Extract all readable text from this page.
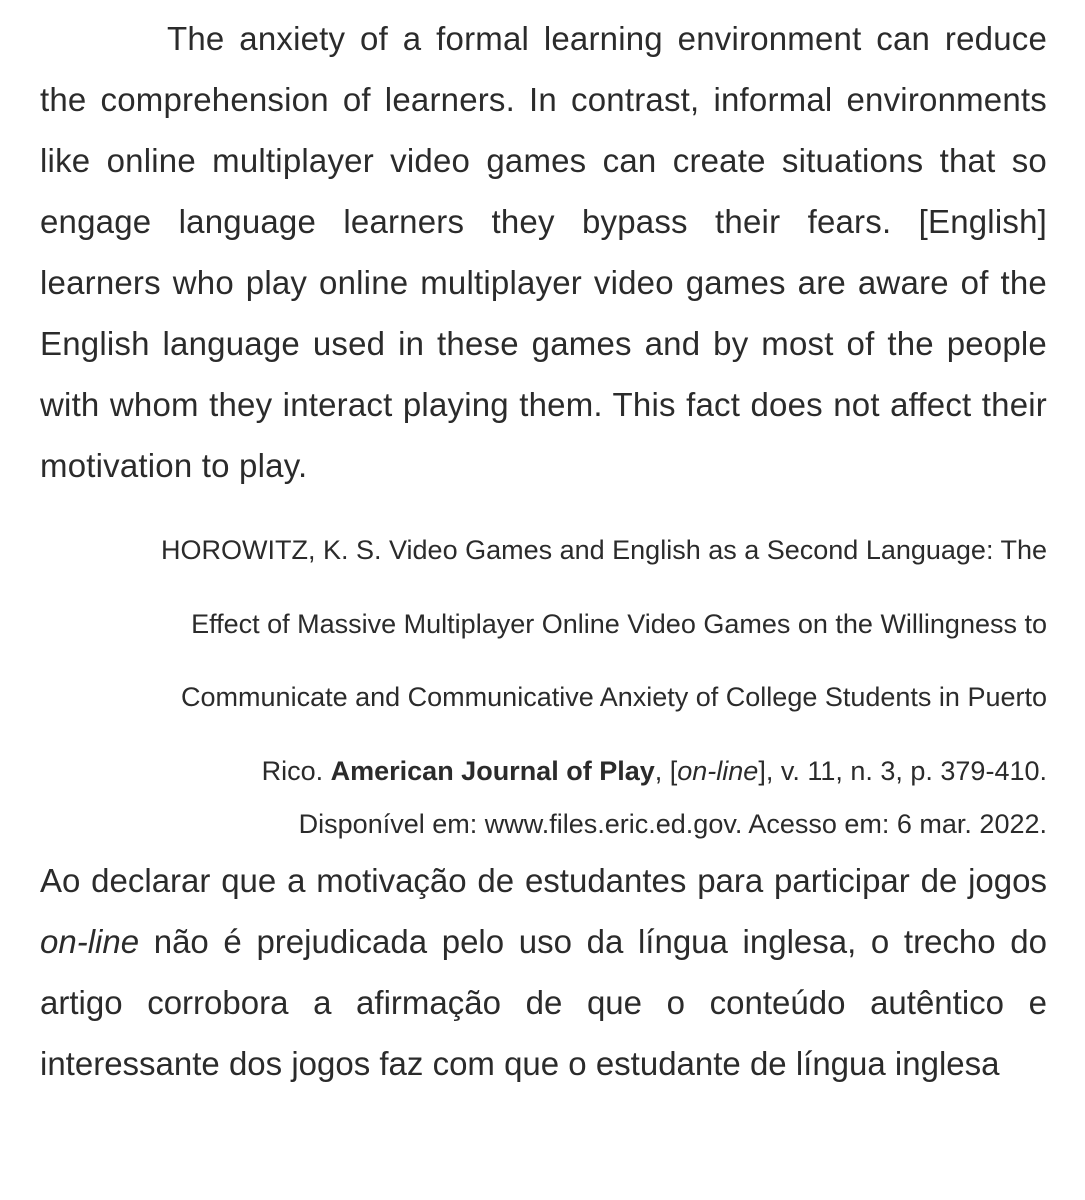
The anxiety of a formal learning environment can reduce the comprehension of learners. In contrast, informal environments like online multiplayer video games can create situations that so engage language learners they bypass their fears. [English] learners who play online multiplayer video games are aware of the English language used in these games and by most of the people with whom they interact playing them. This fact does not affect their motivation to play.

HOROWITZ, K. S. Video Games and English as a Second Language: The
Effect of Massive Multiplayer Online Video Games on the Willingness to
Communicate and Communicative Anxiety of College Students in Puerto
Rico. American Journal of Play, [on-line], v. 11, n. 3, p. 379-410.
Disponível em: www.files.eric.ed.gov. Acesso em: 6 mar. 2022.

Ao declarar que a motivação de estudantes para participar de jogos on-line não é prejudicada pelo uso da língua inglesa, o trecho do artigo corrobora a afirmação de que o conteúdo autêntico e interessante dos jogos faz com que o estudante de língua inglesa
